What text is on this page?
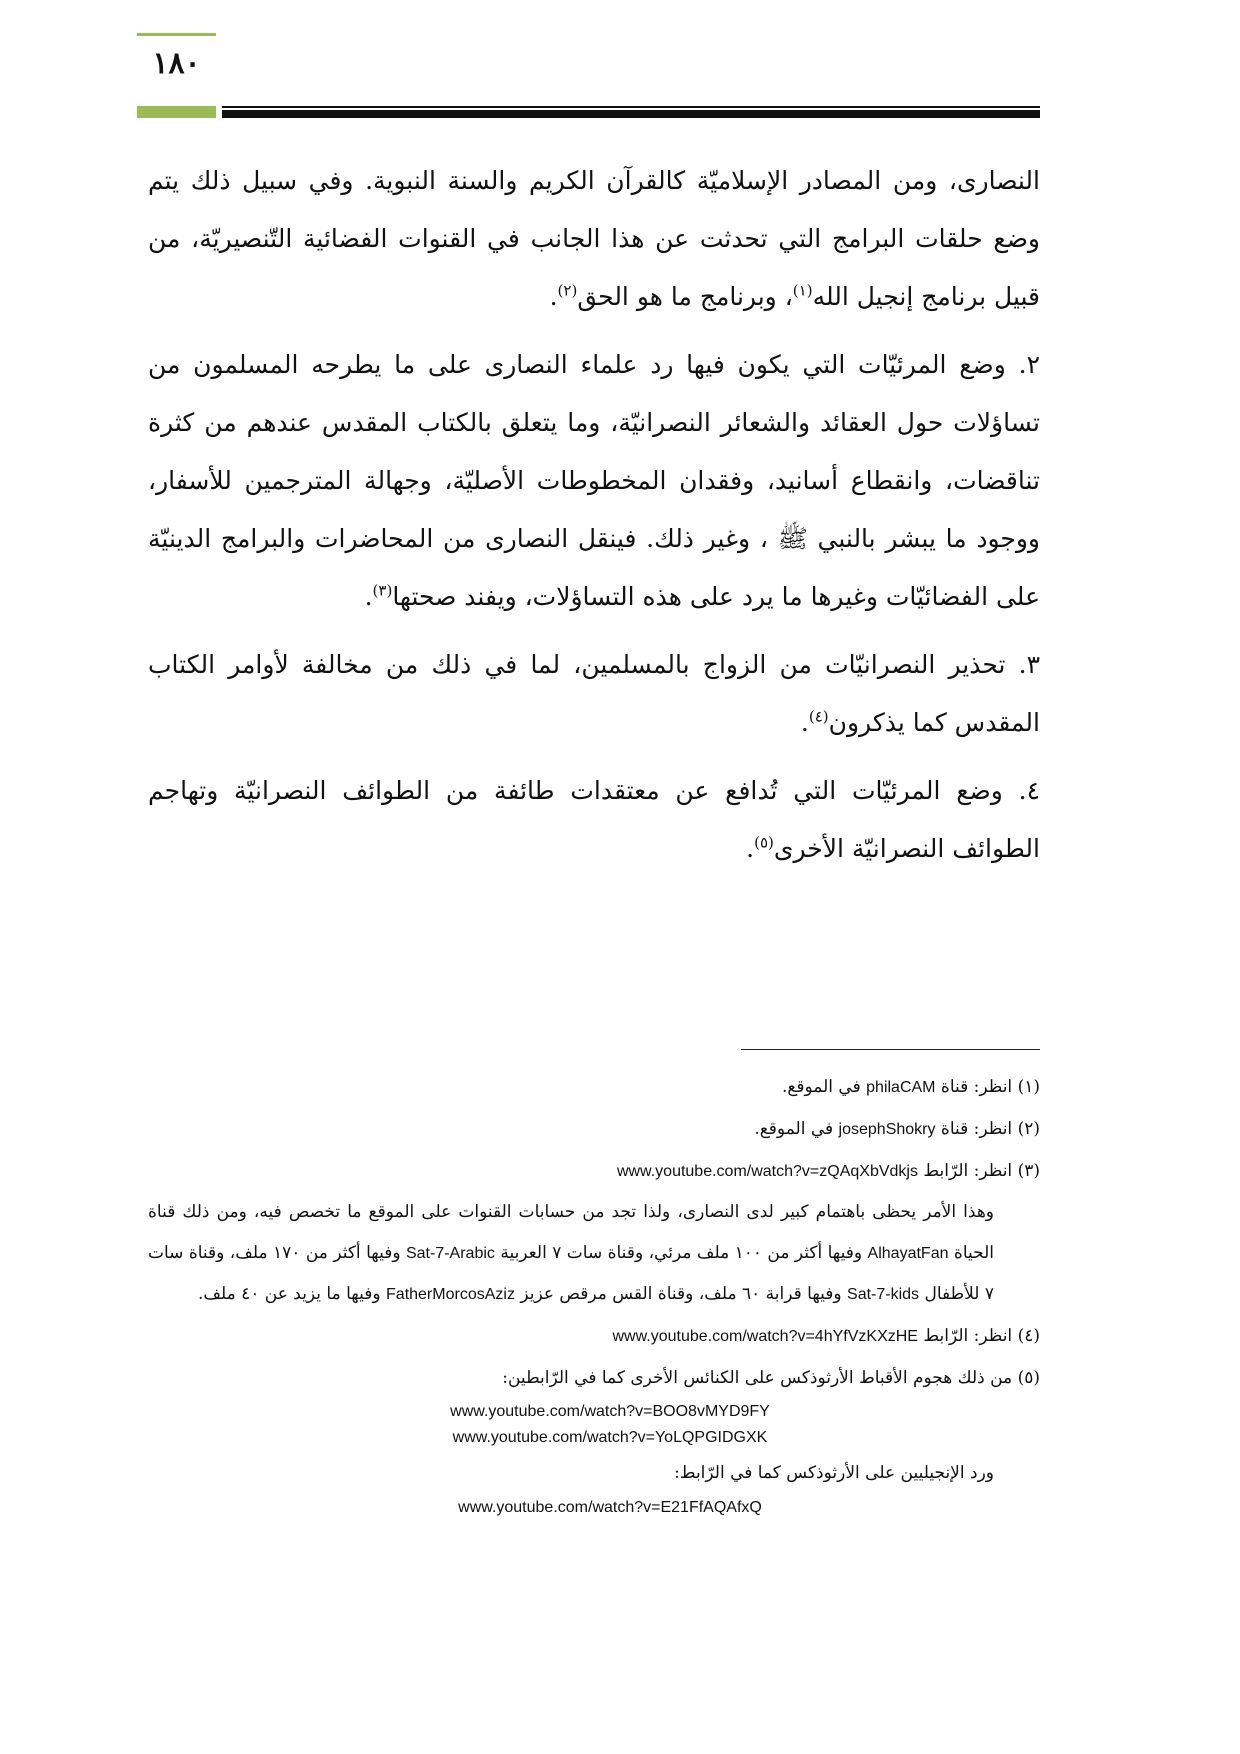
١٨٠

النصارى، ومن المصادر الإسلاميّة كالقرآن الكريم والسنة النبوية. وفي سبيل ذلك يتم وضع حلقات البرامج التي تحدثت عن هذا الجانب في القنوات الفضائية التّنصيريّة، من قبيل برنامج إنجيل الله$^{(١)}$، وبرنامج ما هو الحق$^{(٢)}$.

٢. وضع المرئيّات التي يكون فيها رد علماء النصارى على ما يطرحه المسلمون من تساؤلات حول العقائد والشعائر النصرانيّة، وما يتعلق بالكتاب المقدس عندهم من كثرة تناقضات، وانقطاع أسانيد، وفقدان المخطوطات الأصليّة، وجهالة المترجمين للأسفار، ووجود ما يبشر بالنبي ﷺ ، وغير ذلك. فينقل النصارى من المحاضرات والبرامج الدينيّة على الفضائيّات وغيرها ما يرد على هذه التساؤلات، ويفند صحتها$^{(٣)}$.

٣. تحذير النصرانيّات من الزواج بالمسلمين، لما في ذلك من مخالفة لأوامر الكتاب المقدس كما يذكرون$^{(٤)}$.

٤. وضع المرئيّات التي تُدافع عن معتقدات طائفة من الطوائف النصرانيّة وتهاجم الطوائف النصرانيّة الأخرى$^{(٥)}$.

(١) انظر: قناة philaCAM في الموقع.
(٢) انظر: قناة josephShokry في الموقع.
(٣) انظر: الرّابط www.youtube.com/watch?v=zQAqXbVdkjs
وهذا الأمر يحظى باهتمام كبير لدى النصارى، ولذا تجد من حسابات القنوات على الموقع ما تخصص فيه، ومن ذلك قناة الحياة AlhayatFan وفيها أكثر من ١٠٠ ملف مرئي، وقناة سات ٧ العربية Sat-7-Arabic وفيها أكثر من ١٧٠ ملف، وقناة سات ٧ للأطفال Sat-7-kids وفيها قرابة ٦٠ ملف، وقناة القس مرقص عزيز FatherMorcosAziz وفيها ما يزيد عن ٤٠ ملف.
(٤) انظر: الرّابط www.youtube.com/watch?v=4hYfVzKXzHE
(٥) من ذلك هجوم الأقباط الأرثوذكس على الكنائس الأخرى كما في الرّابطين:
www.youtube.com/watch?v=BOO8vMYD9FY
www.youtube.com/watch?v=YoLQPGIDGXK
ورد الإنجيليين على الأرثوذكس كما في الرّابط:
www.youtube.com/watch?v=E21FfAQAfxQ
